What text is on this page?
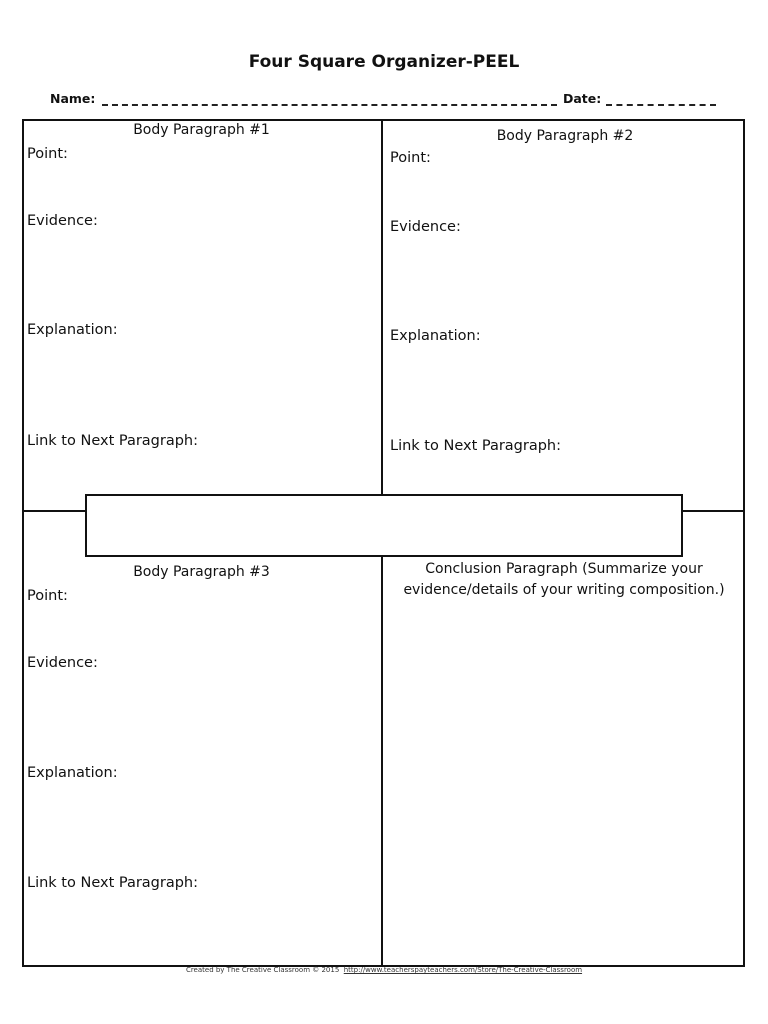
Four Square Organizer-PEEL
Name:	Date:
Body Paragraph #1
Point:
Evidence:
Explanation:
Link to Next Paragraph:
Body Paragraph #2
Point:
Evidence:
Explanation:
Link to Next Paragraph:
Body Paragraph #3
Point:
Evidence:
Explanation:
Link to Next Paragraph:
Conclusion Paragraph (Summarize your
evidence/details of your writing composition.)
Created by The Creative Classroom © 2015 http://www.teacherspayteachers.com/Store/The-Creative-Classroom
